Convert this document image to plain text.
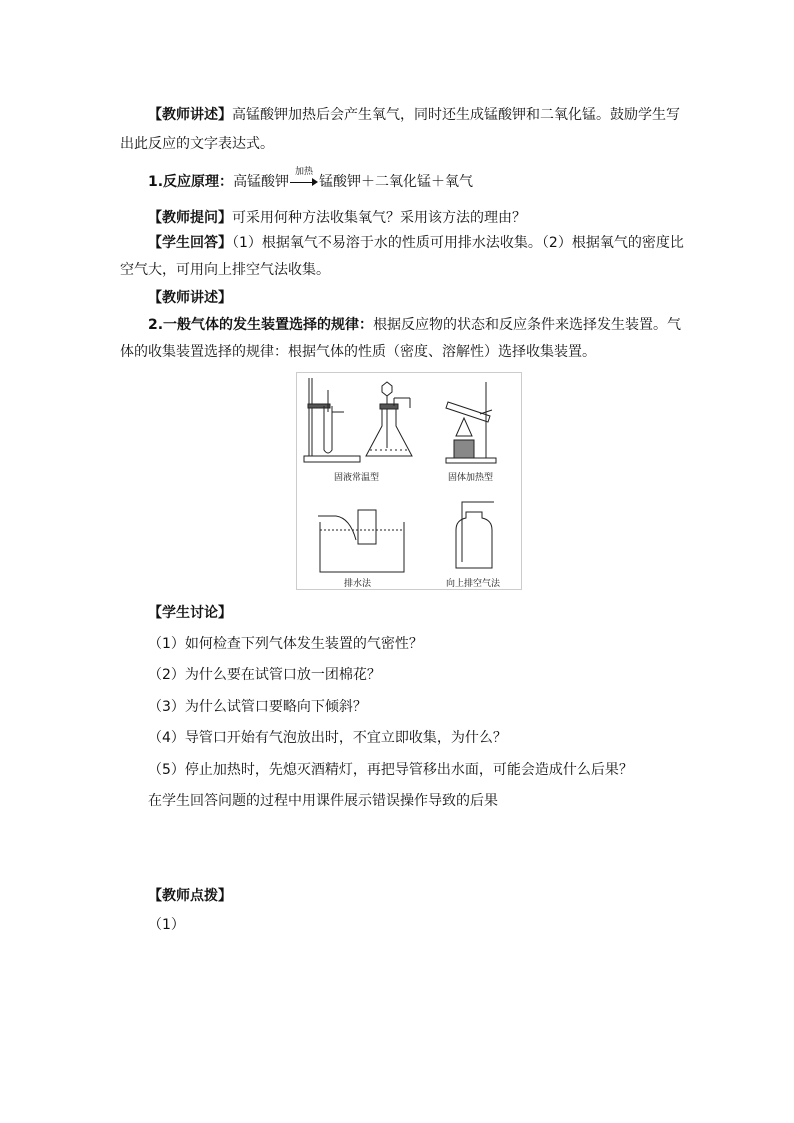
【教师讲述】高锰酸钾加热后会产生氧气，同时还生成锰酸钾和二氧化锰。鼓励学生写
出此反应的文字表达式。
1.反应原理：高锰酸钾
加热
锰酸钾＋二氧化锰＋氧气
【教师提问】可采用何种方法收集氧气？采用该方法的理由？
【学生回答】（1）根据氧气不易溶于水的性质可用排水法收集。（2）根据氧气的密度比
空气大，可用向上排空气法收集。
【教师讲述】
2.一般气体的发生装置选择的规律：根据反应物的状态和反应条件来选择发生装置。气
体的收集装置选择的规律：根据气体的性质（密度、溶解性）选择收集装置。
固液常温型	固体加热型
排水法	向上排空气法
【学生讨论】
（1）如何检查下列气体发生装置的气密性？
（2）为什么要在试管口放一团棉花？
（3）为什么试管口要略向下倾斜？
（4）导管口开始有气泡放出时，不宜立即收集，为什么？
（5）停止加热时，先熄灭酒精灯，再把导管移出水面，可能会造成什么后果？
在学生回答问题的过程中用课件展示错误操作导致的后果
【教师点拨】
（1）
